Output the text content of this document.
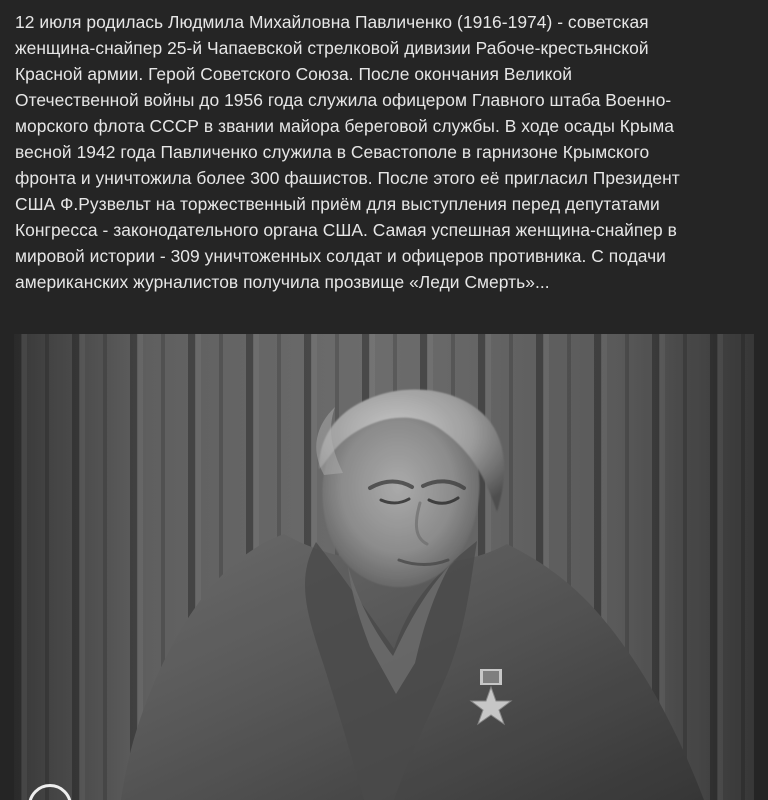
12 июля родилась Людмила Михайловна Павличенко (1916-1974) - советская
женщина-снайпер 25-й Чапаевской стрелковой дивизии Рабоче-крестьянской
Красной армии. Герой Советского Союза. После окончания Великой
Отечественной войны до 1956 года служила офицером Главного штаба Военно-
морского флота СССР в звании майора береговой службы. В ходе осады Крыма
весной 1942 года Павличенко служила в Севастополе в гарнизоне Крымского
фронта и уничтожила более 300 фашистов. После этого её пригласил Президент
США Ф.Рузвельт на торжественный приём для выступления перед депутатами
Конгресса - законодательного органа США. Самая успешная женщина-снайпер в
мировой истории - 309 уничтоженных солдат и офицеров противника. С подачи
американских журналистов получила прозвище «Леди Смерть»...
